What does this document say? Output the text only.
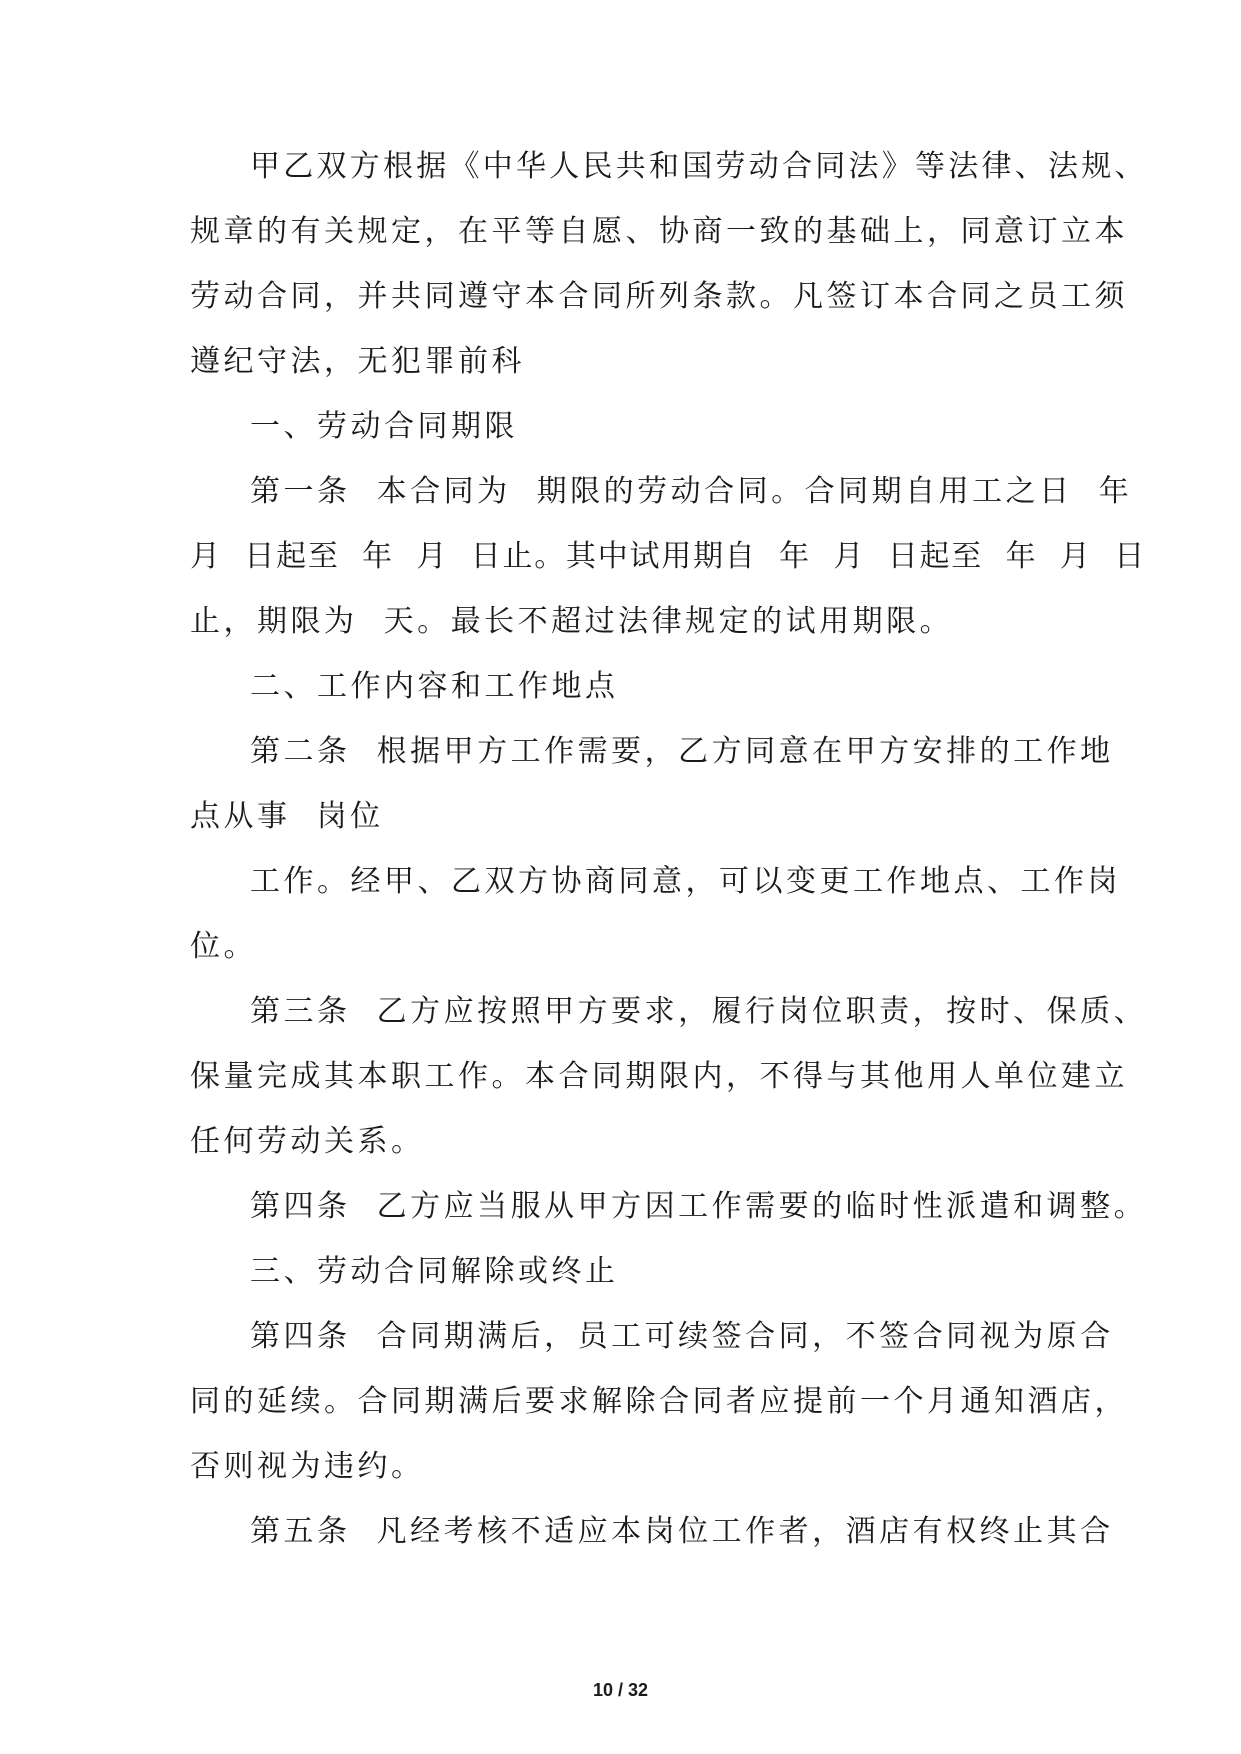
甲乙双方根据《中华人民共和国劳动合同法》等法律、法规、

规章的有关规定，在平等自愿、协商一致的基础上，同意订立本

劳动合同，并共同遵守本合同所列条款。凡签订本合同之员工须

遵纪守法，无犯罪前科

一、劳动合同期限

第一条  本合同为  期限的劳动合同。合同期自用工之日  年

月  日起至  年  月  日止。其中试用期自  年  月  日起至  年  月  日

止，期限为  天。最长不超过法律规定的试用期限。

二、工作内容和工作地点

第二条  根据甲方工作需要，乙方同意在甲方安排的工作地

点从事  岗位

工作。经甲、乙双方协商同意，可以变更工作地点、工作岗

位。

第三条  乙方应按照甲方要求，履行岗位职责，按时、保质、

保量完成其本职工作。本合同期限内，不得与其他用人单位建立

任何劳动关系。

第四条  乙方应当服从甲方因工作需要的临时性派遣和调整。

三、劳动合同解除或终止

第四条  合同期满后，员工可续签合同，不签合同视为原合

同的延续。合同期满后要求解除合同者应提前一个月通知酒店，

否则视为违约。

第五条  凡经考核不适应本岗位工作者，酒店有权终止其合

10 / 32
